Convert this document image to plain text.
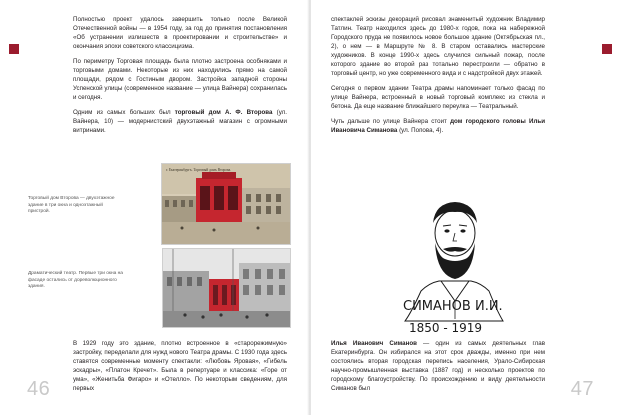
Полностью проект удалось завершить только после Великой Отечественной войны — в 1954 году, за год до принятия постановления «Об устранении излишеств в проектировании и строительстве» и окончания эпохи советского классицизма.

По периметру Торговая площадь была плотно застроена особняками и торговыми домами. Некоторые из них находились прямо на самой площади, рядом с Гостиным двором. Застройка западной стороны Успенской улицы (современное название — улица Вайнера) сохранилась и сегодня.

Одним из самых больших был торговый дом А. Ф. Второва (ул. Вайнера, 10) — модернистский двухэтажный магазин с огромными витринами.

Торговый дом Второва — двухэтажное здание в три окна и одноэтажный пристрой.
г. Екатеринбургъ. Торговый домъ Второва.
Драматический театр. Первые три окна на фасаде остались от дореволюционного здания.

В 1929 году это здание, плотно встроенное в «старорежимную» застройку, переделали для нужд нового Театра драмы. С 1930 года здесь ставятся современные моменту спектакли: «Любовь Яровая», «Гибель эскадры», «Платон Кречет». Была в репертуаре и классика: «Горе от ума», «Женитьба Фигаро» и «Отелло». По некоторым сведениям, для первых

46

спектаклей эскизы декораций рисовал знаменитый художник Владимир Татлин. Театр находился здесь до 1980-х годов, пока на набережной Городского пруда не появилось новое большое здание (Октябрьская пл., 2), о нем — в Маршруте № 8. В старом оставались мастерские художников. В конце 1990-х здесь случился сильный пожар, после которого здание во второй раз тотально перестроили — обратно в торговый центр, но уже современного вида и с надстройкой двух этажей.

Сегодня о первом здании Театра драмы напоминает только фасад по улице Вайнера, встроенный в новый торговый комплекс из стекла и бетона. Да еще название ближайшего переулка — Театральный.

Чуть дальше по улице Вайнера стоит дом городского головы Ильи Ивановича Симанова (ул. Попова, 4).

СИМАНОВ И.И.
1850 - 1919

Илья Иванович Симанов — один из самых деятельных глав Екатеринбурга. Он избирался на этот срок дважды, именно при нем состоялись вторая городская перепись населения, Урало-Сибирская научно-промышленная выставка (1887 год) и несколько проектов по городскому благоустройству. По происхождению и виду деятельности Симанов был	47
